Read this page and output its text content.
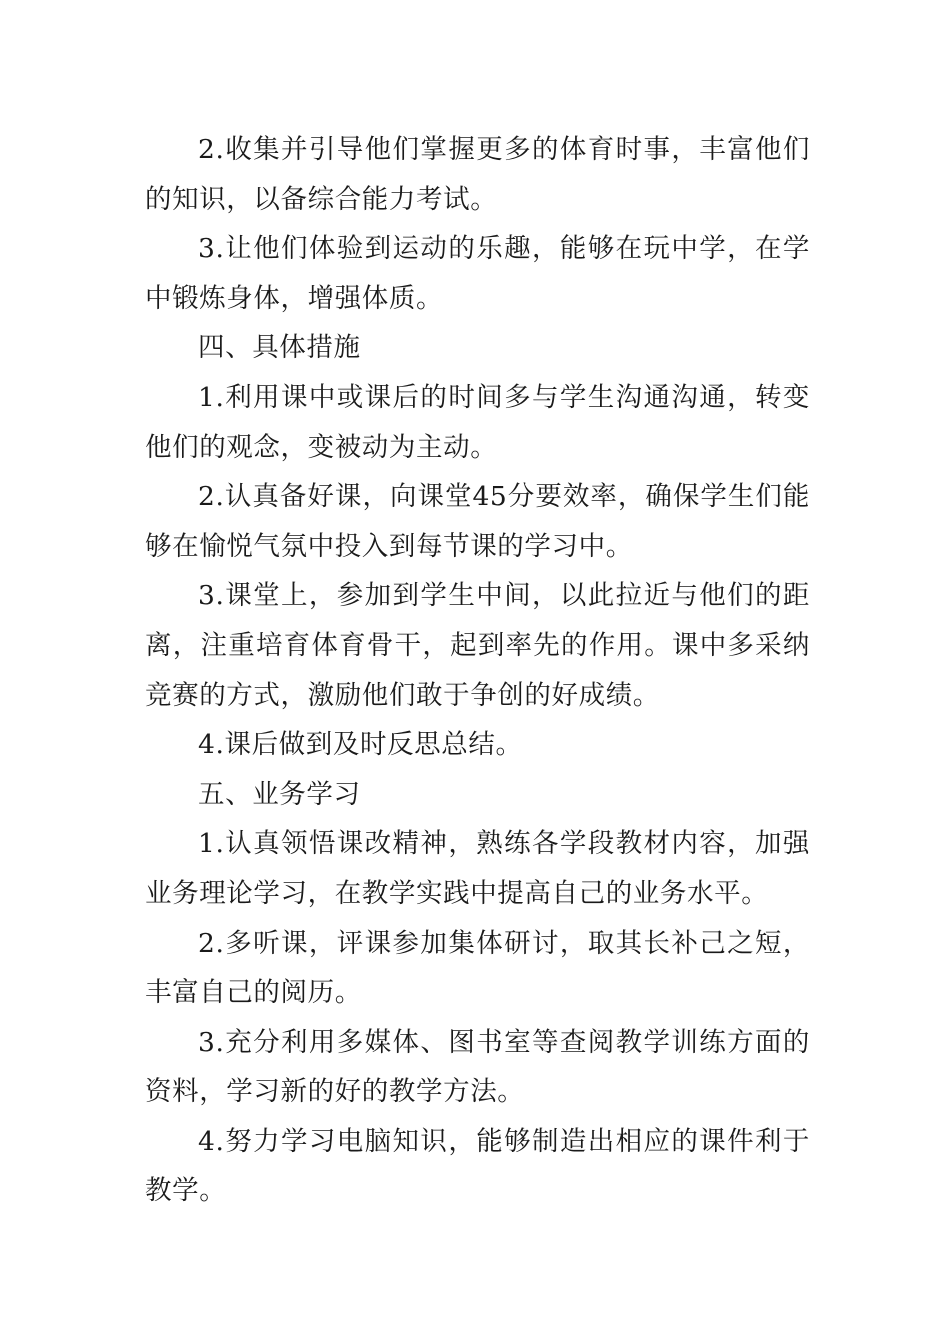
2.收集并引导他们掌握更多的体育时事，丰富他们的知识，以备综合能力考试。

3.让他们体验到运动的乐趣，能够在玩中学，在学中锻炼身体，增强体质。

四、具体措施

1.利用课中或课后的时间多与学生沟通沟通，转变他们的观念，变被动为主动。

2.认真备好课，向课堂45分要效率，确保学生们能够在愉悦气氛中投入到每节课的学习中。

3.课堂上，参加到学生中间，以此拉近与他们的距离，注重培育体育骨干，起到率先的作用。课中多采纳竞赛的方式，激励他们敢于争创的好成绩。

4.课后做到及时反思总结。

五、业务学习

1.认真领悟课改精神，熟练各学段教材内容，加强业务理论学习，在教学实践中提高自己的业务水平。

2.多听课，评课参加集体研讨，取其长补己之短，丰富自己的阅历。

3.充分利用多媒体、图书室等查阅教学训练方面的资料，学习新的好的教学方法。

4.努力学习电脑知识，能够制造出相应的课件利于教学。
